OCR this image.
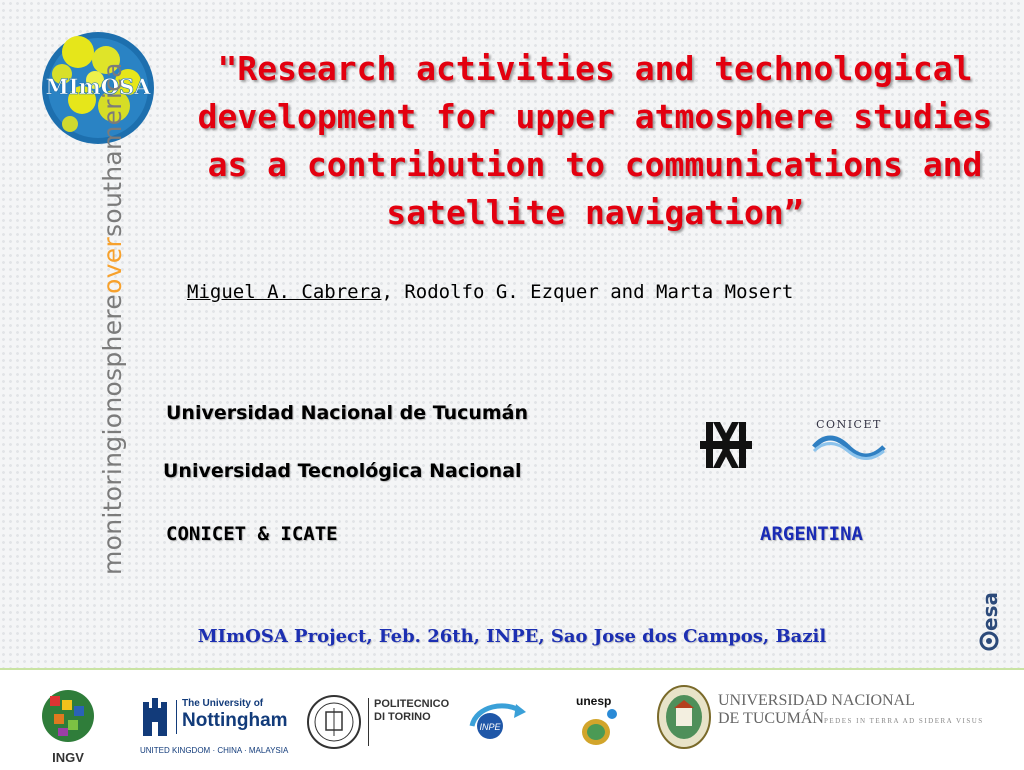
MImOSA
monitoringionosphereoversouthamerica	"Research activities and technological development for upper atmosphere studies as a contribution to communications and satellite navigation”
Miguel A. Cabrera, Rodolfo G. Ezquer and Marta Mosert
Universidad Nacional de Tucumán
Universidad Tecnológica Nacional
CONICET & ICATE	ARGENTINA
CONICET
esa
MImOSA Project, Feb. 26th, INPE, Sao Jose dos Campos, Bazil
INGV
The University of
Nottingham
UNITED KINGDOM · CHINA · MALAYSIA
POLITECNICO
DI TORINO
INPE
unesp	UNIVERSIDAD NACIONAL
DE TUCUMÁN PEDES IN TERRA AD SIDERA VISUS
